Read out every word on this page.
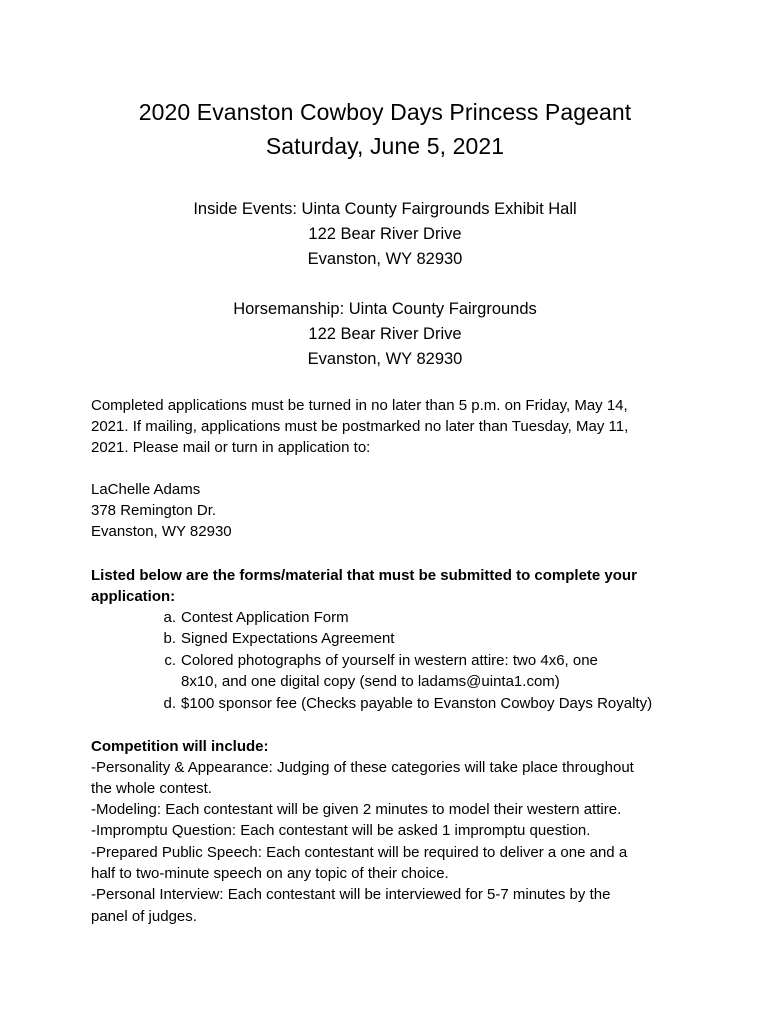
2020 Evanston Cowboy Days Princess Pageant
Saturday, June 5, 2021
Inside Events: Uinta County Fairgrounds Exhibit Hall
122 Bear River Drive
Evanston, WY 82930
Horsemanship: Uinta County Fairgrounds
122 Bear River Drive
Evanston, WY 82930
Completed applications must be turned in no later than 5 p.m. on Friday, May 14,
2021. If mailing, applications must be postmarked no later than Tuesday, May 11,
2021. Please mail or turn in application to:
LaChelle Adams
378 Remington Dr.
Evanston, WY 82930
Listed below are the forms/material that must be submitted to complete your
application:
a. Contest Application Form
b. Signed Expectations Agreement
c. Colored photographs of yourself in western attire: two 4x6, one
8x10, and one digital copy (send to ladams@uinta1.com)
d. $100 sponsor fee (Checks payable to Evanston Cowboy Days Royalty)
Competition will include:
-Personality & Appearance: Judging of these categories will take place throughout
the whole contest.
-Modeling: Each contestant will be given 2 minutes to model their western attire.
-Impromptu Question: Each contestant will be asked 1 impromptu question.
-Prepared Public Speech: Each contestant will be required to deliver a one and a
half to two-minute speech on any topic of their choice.
-Personal Interview: Each contestant will be interviewed for 5-7 minutes by the
panel of judges.
